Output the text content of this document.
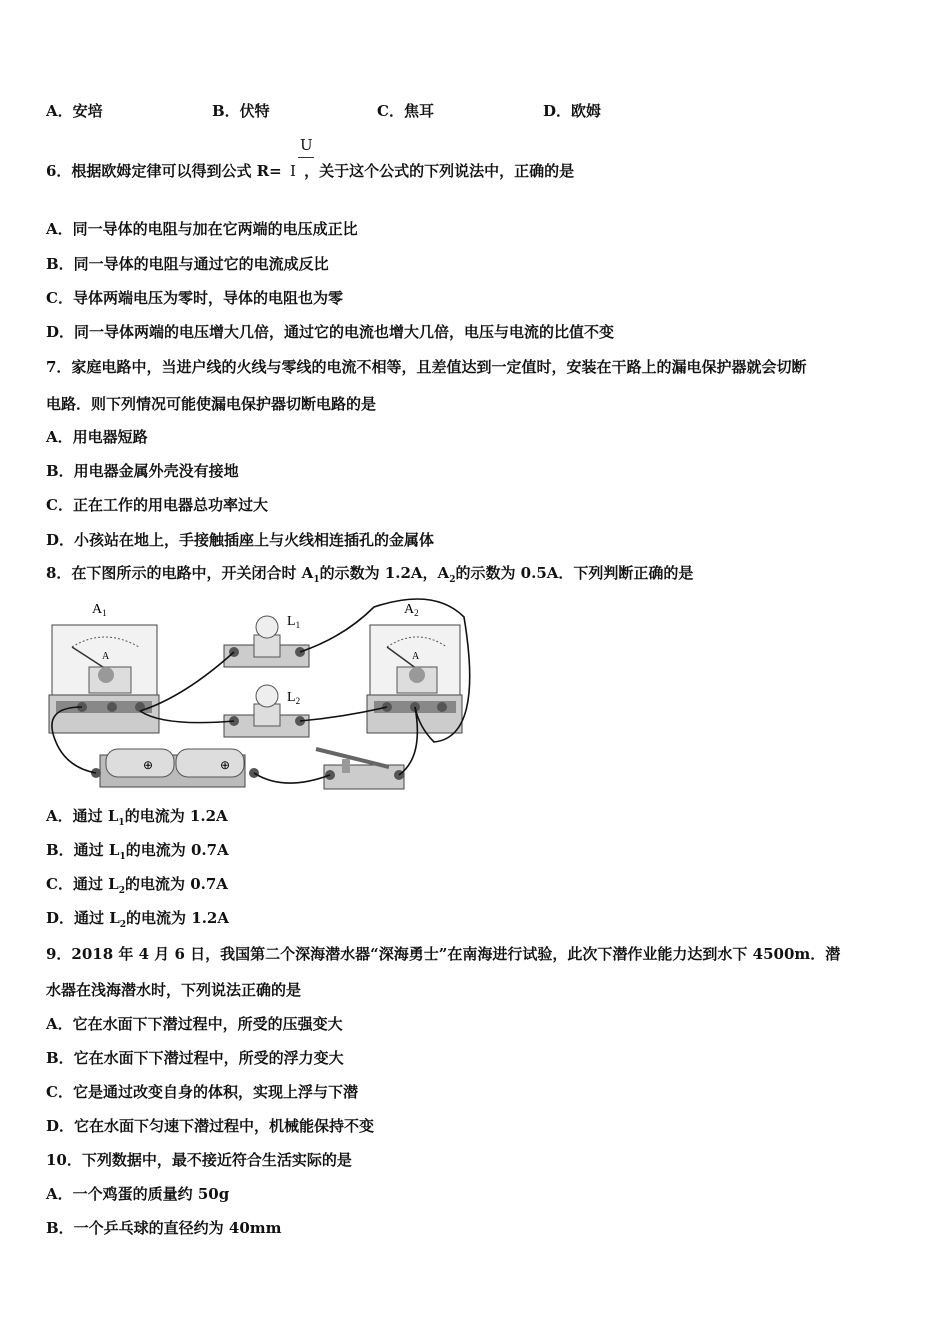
A．安培	B．伏特	C．焦耳	D．欧姆
U
6．根据欧姆定律可以得到公式 R= I ，关于这个公式的下列说法中，正确的是
A．同一导体的电阻与加在它两端的电压成正比
B．同一导体的电阻与通过它的电流成反比
C．导体两端电压为零时，导体的电阻也为零
D．同一导体两端的电压增大几倍，通过它的电流也增大几倍，电压与电流的比值不变
7．家庭电路中，当进户线的火线与零线的电流不相等，且差值达到一定值时，安装在干路上的漏电保护器就会切断
电路．则下列情况可能使漏电保护器切断电路的是
A．用电器短路
B．用电器金属外壳没有接地
C．正在工作的用电器总功率过大
D．小孩站在地上，手接触插座上与火线相连插孔的金属体
8．在下图所示的电路中，开关闭合时 $A_1$的示数为 1.2A，$A_2$的示数为 0.5A．下列判断正确的是
$A_1$
A
$A_2$
A
$L_1$
$L_2$
⊕	⊕
A．通过 $L_1$的电流为 1.2A
B．通过 $L_1$的电流为 0.7A
C．通过 $L_2$的电流为 0.7A
D．通过 $L_2$的电流为 1.2A
9．2018 年 4 月 6 日，我国第二个深海潜水器“深海勇士”在南海进行试验，此次下潜作业能力达到水下 4500m．潜
水器在浅海潜水时，下列说法正确的是
A．它在水面下下潜过程中，所受的压强变大
B．它在水面下下潜过程中，所受的浮力变大
C．它是通过改变自身的体积，实现上浮与下潜
D．它在水面下匀速下潜过程中，机械能保持不变
10．下列数据中，最不接近符合生活实际的是
A．一个鸡蛋的质量约 50g
B．一个乒乓球的直径约为 40mm
